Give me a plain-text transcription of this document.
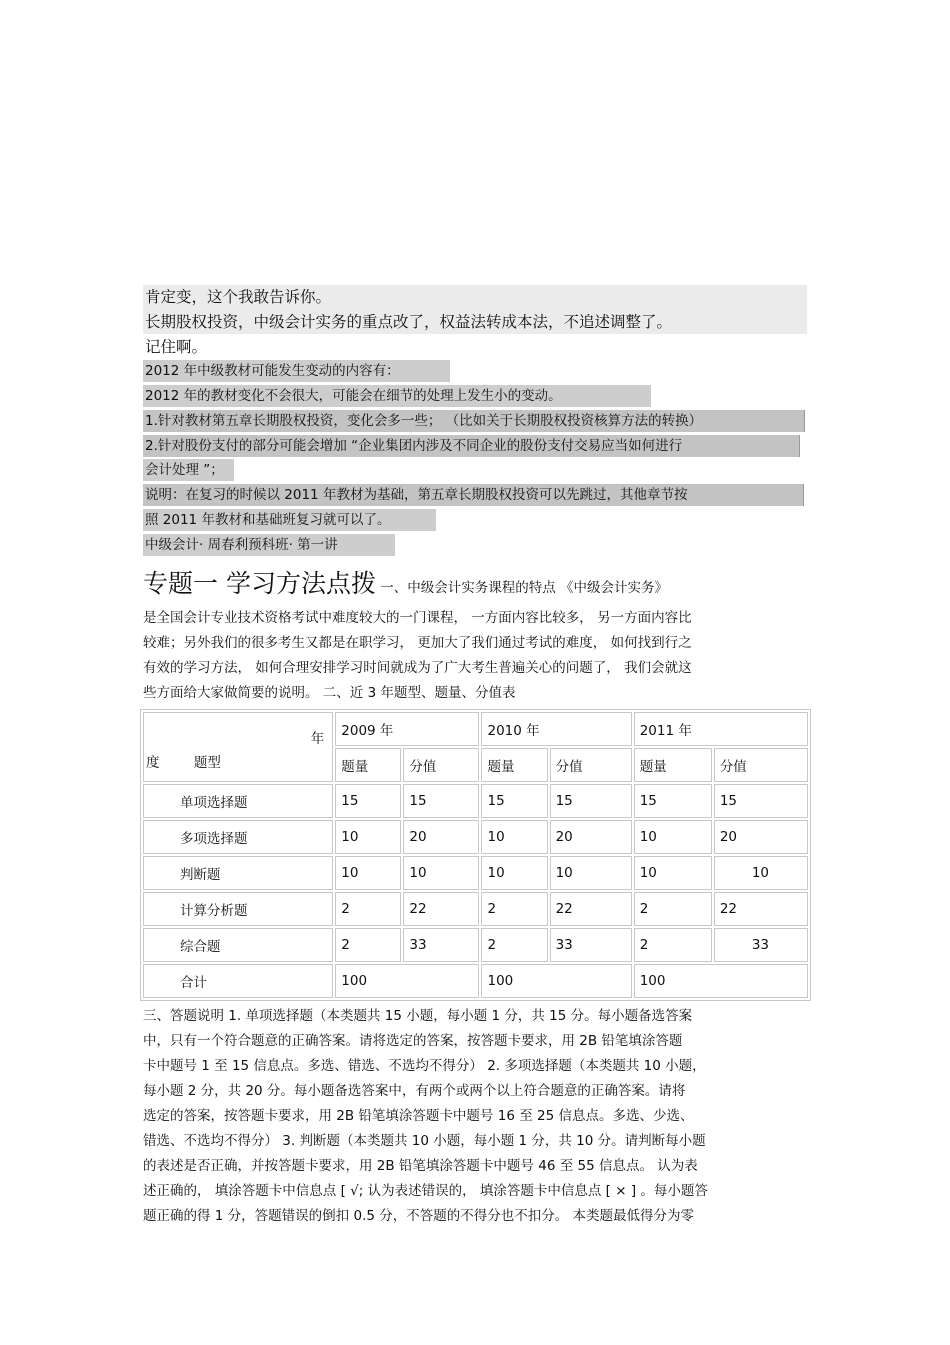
肯定变，这个我敢告诉你。
长期股权投资，中级会计实务的重点改了，权益法转成本法，不追述调整了。
记住啊。
2012 年中级教材可能发生变动的内容有：
2012 年的教材变化不会很大，可能会在细节的处理上发生小的变动。
1.针对教材第五章长期股权投资，变化会多一些； （比如关于长期股权投资核算方法的转换）
2.针对股份支付的部分可能会增加 “企业集团内涉及不同企业的股份支付交易应当如何进行
会计处理 ”；
说明：在复习的时候以 2011 年教材为基础，第五章长期股权投资可以先跳过，其他章节按
照 2011 年教材和基础班复习就可以了。
中级会计· 周春利预科班· 第一讲
专题一 学习方法点拨 一、中级会计实务课程的特点 《中级会计实务》
是全国会计专业技术资格考试中难度较大的一门课程， 一方面内容比较多， 另一方面内容比
较难；另外我们的很多考生又都是在职学习， 更加大了我们通过考试的难度， 如何找到行之
有效的学习方法， 如何合理安排学习时间就成为了广大考生普遍关心的问题了， 我们会就这
些方面给大家做简要的说明。 二、近 3 年题型、题量、分值表
年
度        题型	2009 年		2010 年		2011 年	
	题量	分值	题量	分值	题量	分值
单项选择题	15	15	15	15	15	15
多项选择题	10	20	10	20	10	20
判断题	10	10	10	10	10	10
计算分析题	2	22	2	22	2	22
综合题	2	33	2	33	2	33
合计	100		100		100	
三、答题说明 1. 单项选择题（本类题共 15 小题，每小题 1 分，共 15 分。每小题备选答案
中，只有一个符合题意的正确答案。请将选定的答案，按答题卡要求，用 2B 铅笔填涂答题
卡中题号 1 至 15 信息点。多选、错选、不选均不得分） 2. 多项选择题（本类题共 10 小题，
每小题 2 分，共 20 分。每小题备选答案中，有两个或两个以上符合题意的正确答案。请将
选定的答案，按答题卡要求，用 2B 铅笔填涂答题卡中题号 16 至 25 信息点。多选、少选、
错选、不选均不得分） 3. 判断题（本类题共 10 小题，每小题 1 分，共 10 分。请判断每小题
的表述是否正确，并按答题卡要求，用 2B 铅笔填涂答题卡中题号 46 至 55 信息点。 认为表
述正确的， 填涂答题卡中信息点 [ √; 认为表述错误的， 填涂答题卡中信息点 [ × ] 。每小题答
题正确的得 1 分，答题错误的倒扣 0.5 分，不答题的不得分也不扣分。 本类题最低得分为零
